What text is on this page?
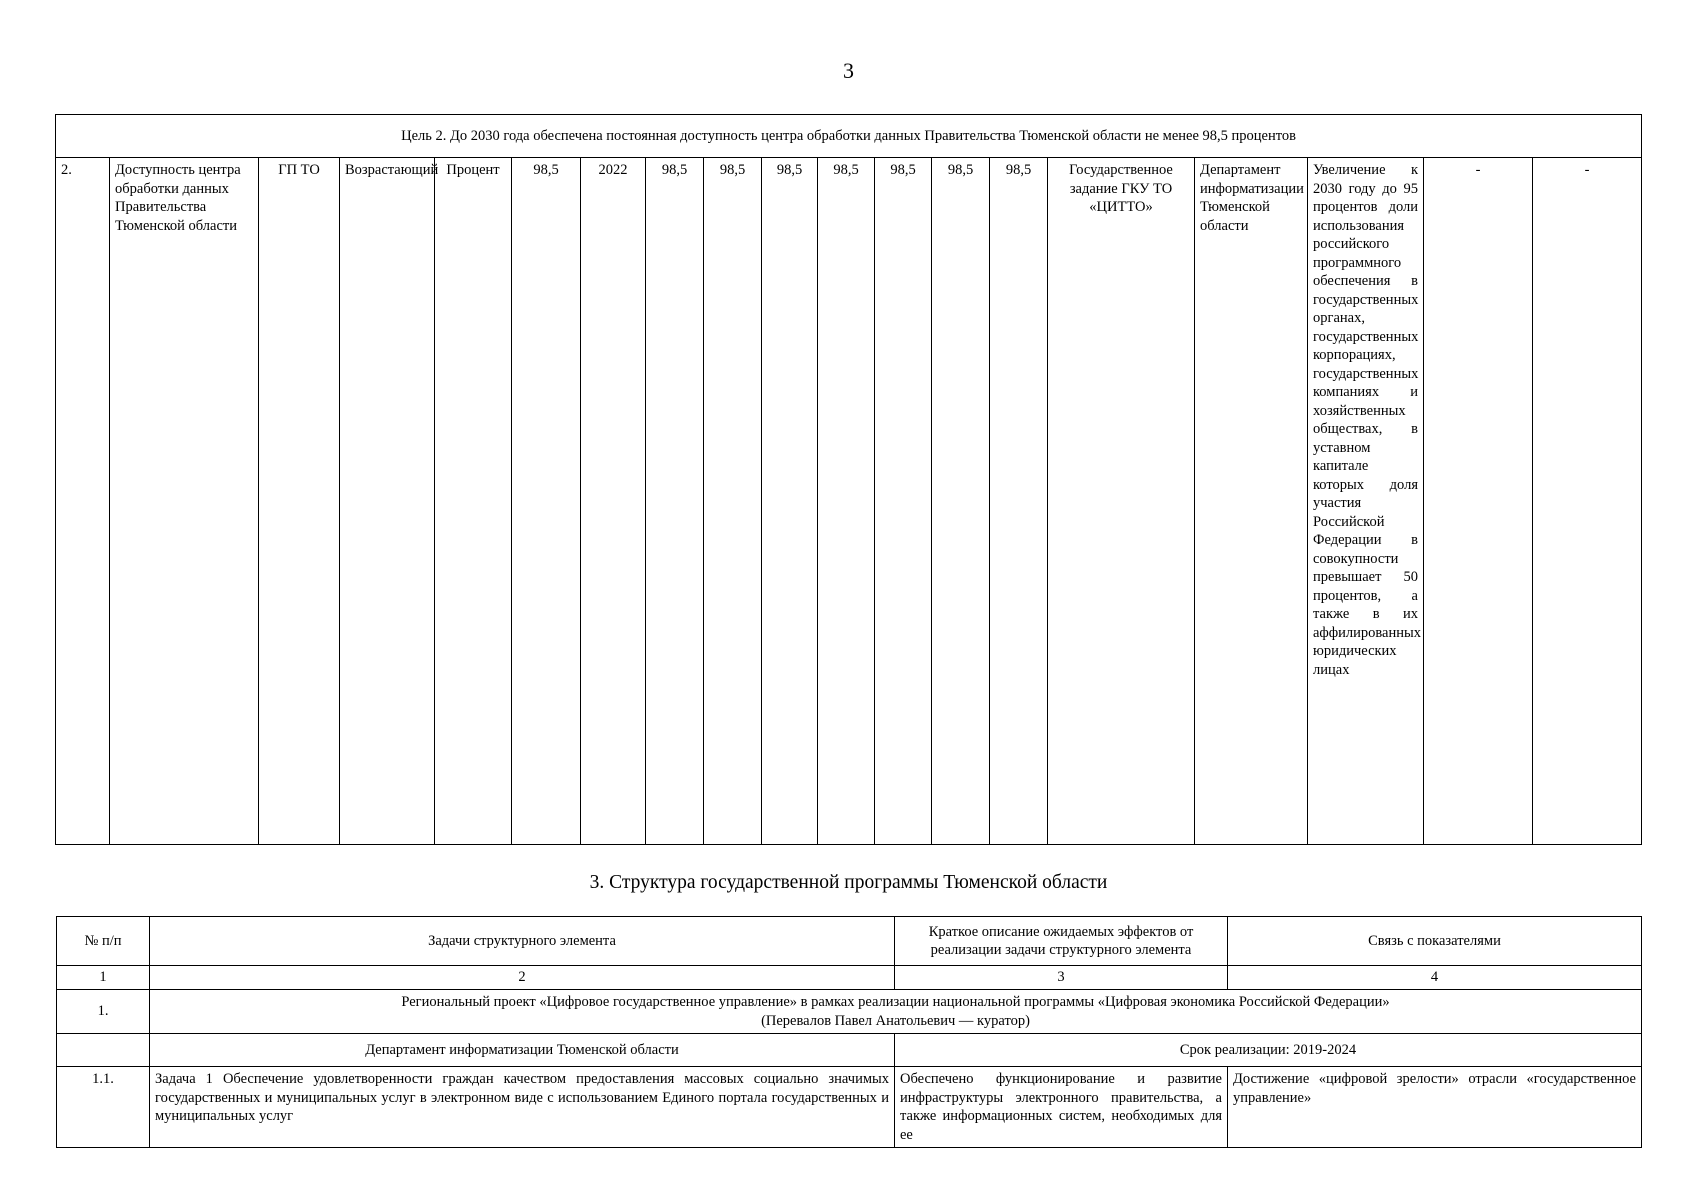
3
Цель 2. До 2030 года обеспечена постоянная доступность центра обработки данных Правительства Тюменской области не менее 98,5 процентов
2.	Доступность центра обработки данных Правительства Тюменской области	ГП ТО	Возрастающий	Процент	98,5	2022	98,5	98,5	98,5	98,5	98,5	98,5	98,5	Государственное задание ГКУ ТО «ЦИТТО»	Департамент информатизации Тюменской области	Увеличение к 2030 году до 95 процентов доли использования российского программного обеспечения в государственных органах, государственных корпорациях, государственных компаниях и хозяйственных обществах, в уставном капитале которых доля участия Российской Федерации в совокупности превышает 50 процентов, а также в их аффилированных юридических лицах	-	-
3. Структура государственной программы Тюменской области
№ п/п	Задачи структурного элемента	Краткое описание ожидаемых эффектов от реализации задачи структурного элемента	Связь с показателями
1	2	3	4
1.	Региональный проект «Цифровое государственное управление» в рамках реализации национальной программы «Цифровая экономика Российской Федерации»
(Перевалов Павел Анатольевич — куратор)		

	Департамент информатизации Тюменской области	Срок реализации: 2019-2024	
1.1.	Задача 1 Обеспечение удовлетворенности граждан качеством предоставления массовых социально значимых государственных и муниципальных услуг в электронном виде с использованием Единого портала государственных и муниципальных услуг	Обеспечено функционирование и развитие инфраструктуры электронного правительства, а также информационных систем, необходимых для ее	Достижение «цифровой зрелости» отрасли «государственное управление»
